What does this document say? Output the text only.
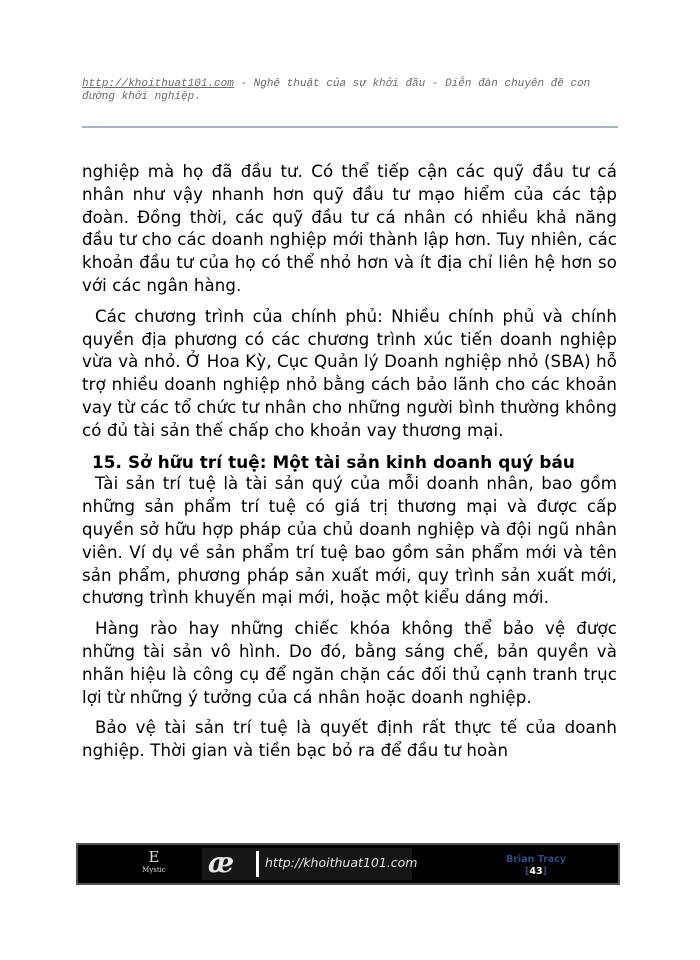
http://khoithuat101.com - Nghệ thuật của sự khởi đầu - Diễn đàn chuyên đề con đường khởi nghiệp.

nghiệp mà họ đã đầu tư. Có thể tiếp cận các quỹ đầu tư cá nhân như vậy nhanh hơn quỹ đầu tư mạo hiểm của các tập đoàn. Đồng thời, các quỹ đầu tư cá nhân có nhiều khả năng đầu tư cho các doanh nghiệp mới thành lập hơn. Tuy nhiên, các khoản đầu tư của họ có thể nhỏ hơn và ít địa chỉ liên hệ hơn so với các ngân hàng.

Các chương trình của chính phủ: Nhiều chính phủ và chính quyền địa phương có các chương trình xúc tiến doanh nghiệp vừa và nhỏ. Ở Hoa Kỳ, Cục Quản lý Doanh nghiệp nhỏ (SBA) hỗ trợ nhiều doanh nghiệp nhỏ bằng cách bảo lãnh cho các khoản vay từ các tổ chức tư nhân cho những người bình thường không có đủ tài sản thế chấp cho khoản vay thương mại.

15. Sở hữu trí tuệ: Một tài sản kinh doanh quý báu

Tài sản trí tuệ là tài sản quý của mỗi doanh nhân, bao gồm những sản phẩm trí tuệ có giá trị thương mại và được cấp quyền sở hữu hợp pháp của chủ doanh nghiệp và đội ngũ nhân viên. Ví dụ về sản phẩm trí tuệ bao gồm sản phẩm mới và tên sản phẩm, phương pháp sản xuất mới, quy trình sản xuất mới, chương trình khuyến mại mới, hoặc một kiểu dáng mới.

Hàng rào hay những chiếc khóa không thể bảo vệ được những tài sản vô hình. Do đó, bằng sáng chế, bản quyền và nhãn hiệu là công cụ để ngăn chặn các đối thủ cạnh tranh trục lợi từ những ý tưởng của cá nhân hoặc doanh nghiệp.

Bảo vệ tài sản trí tuệ là quyết định rất thực tế của doanh nghiệp. Thời gian và tiền bạc bỏ ra để đầu tư hoàn

E
Mystic æ http://khoithuat101.com	Brian Tracy
[43]
